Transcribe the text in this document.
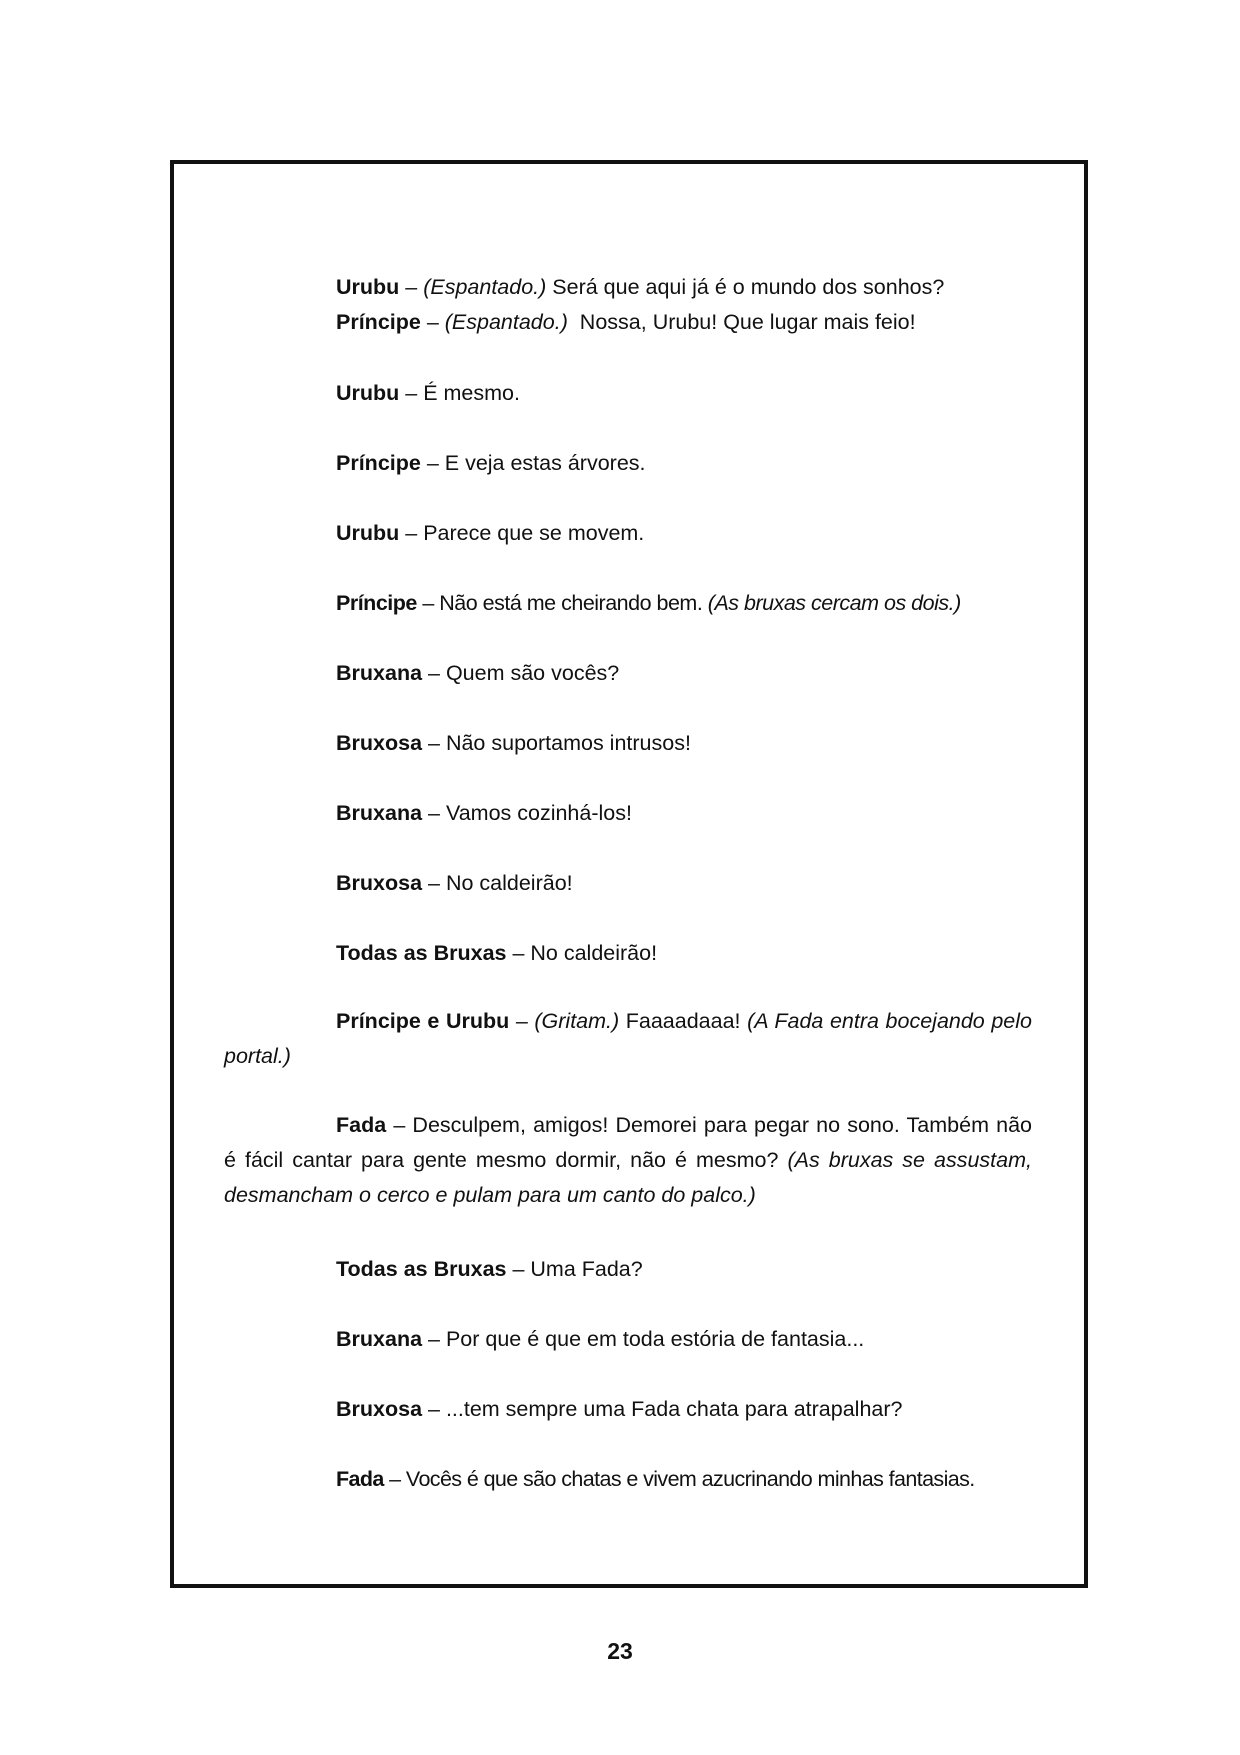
Urubu – (Espantado.) Será que aqui já é o mundo dos sonhos?
Príncipe – (Espantado.)  Nossa, Urubu! Que lugar mais feio!
Urubu – É mesmo.
Príncipe – E veja estas árvores.
Urubu – Parece que se movem.
Príncipe – Não está me cheirando bem. (As bruxas cercam os dois.)
Bruxana – Quem são vocês?
Bruxosa – Não suportamos intrusos!
Bruxana – Vamos cozinhá-los!
Bruxosa – No caldeirão!
Todas as Bruxas – No caldeirão!
Príncipe e Urubu – (Gritam.) Faaaadaaa! (A Fada entra bocejando pelo portal.)
Fada – Desculpem, amigos! Demorei para pegar no sono. Também não é fácil cantar para gente mesmo dormir, não é mesmo? (As bruxas se assustam, desmancham o cerco e pulam para um canto do palco.)
Todas as Bruxas – Uma Fada?
Bruxana – Por que é que em toda estória de fantasia...
Bruxosa – ...tem sempre uma Fada chata para atrapalhar?
Fada – Vocês é que são chatas e vivem azucrinando minhas fantasias.
23
